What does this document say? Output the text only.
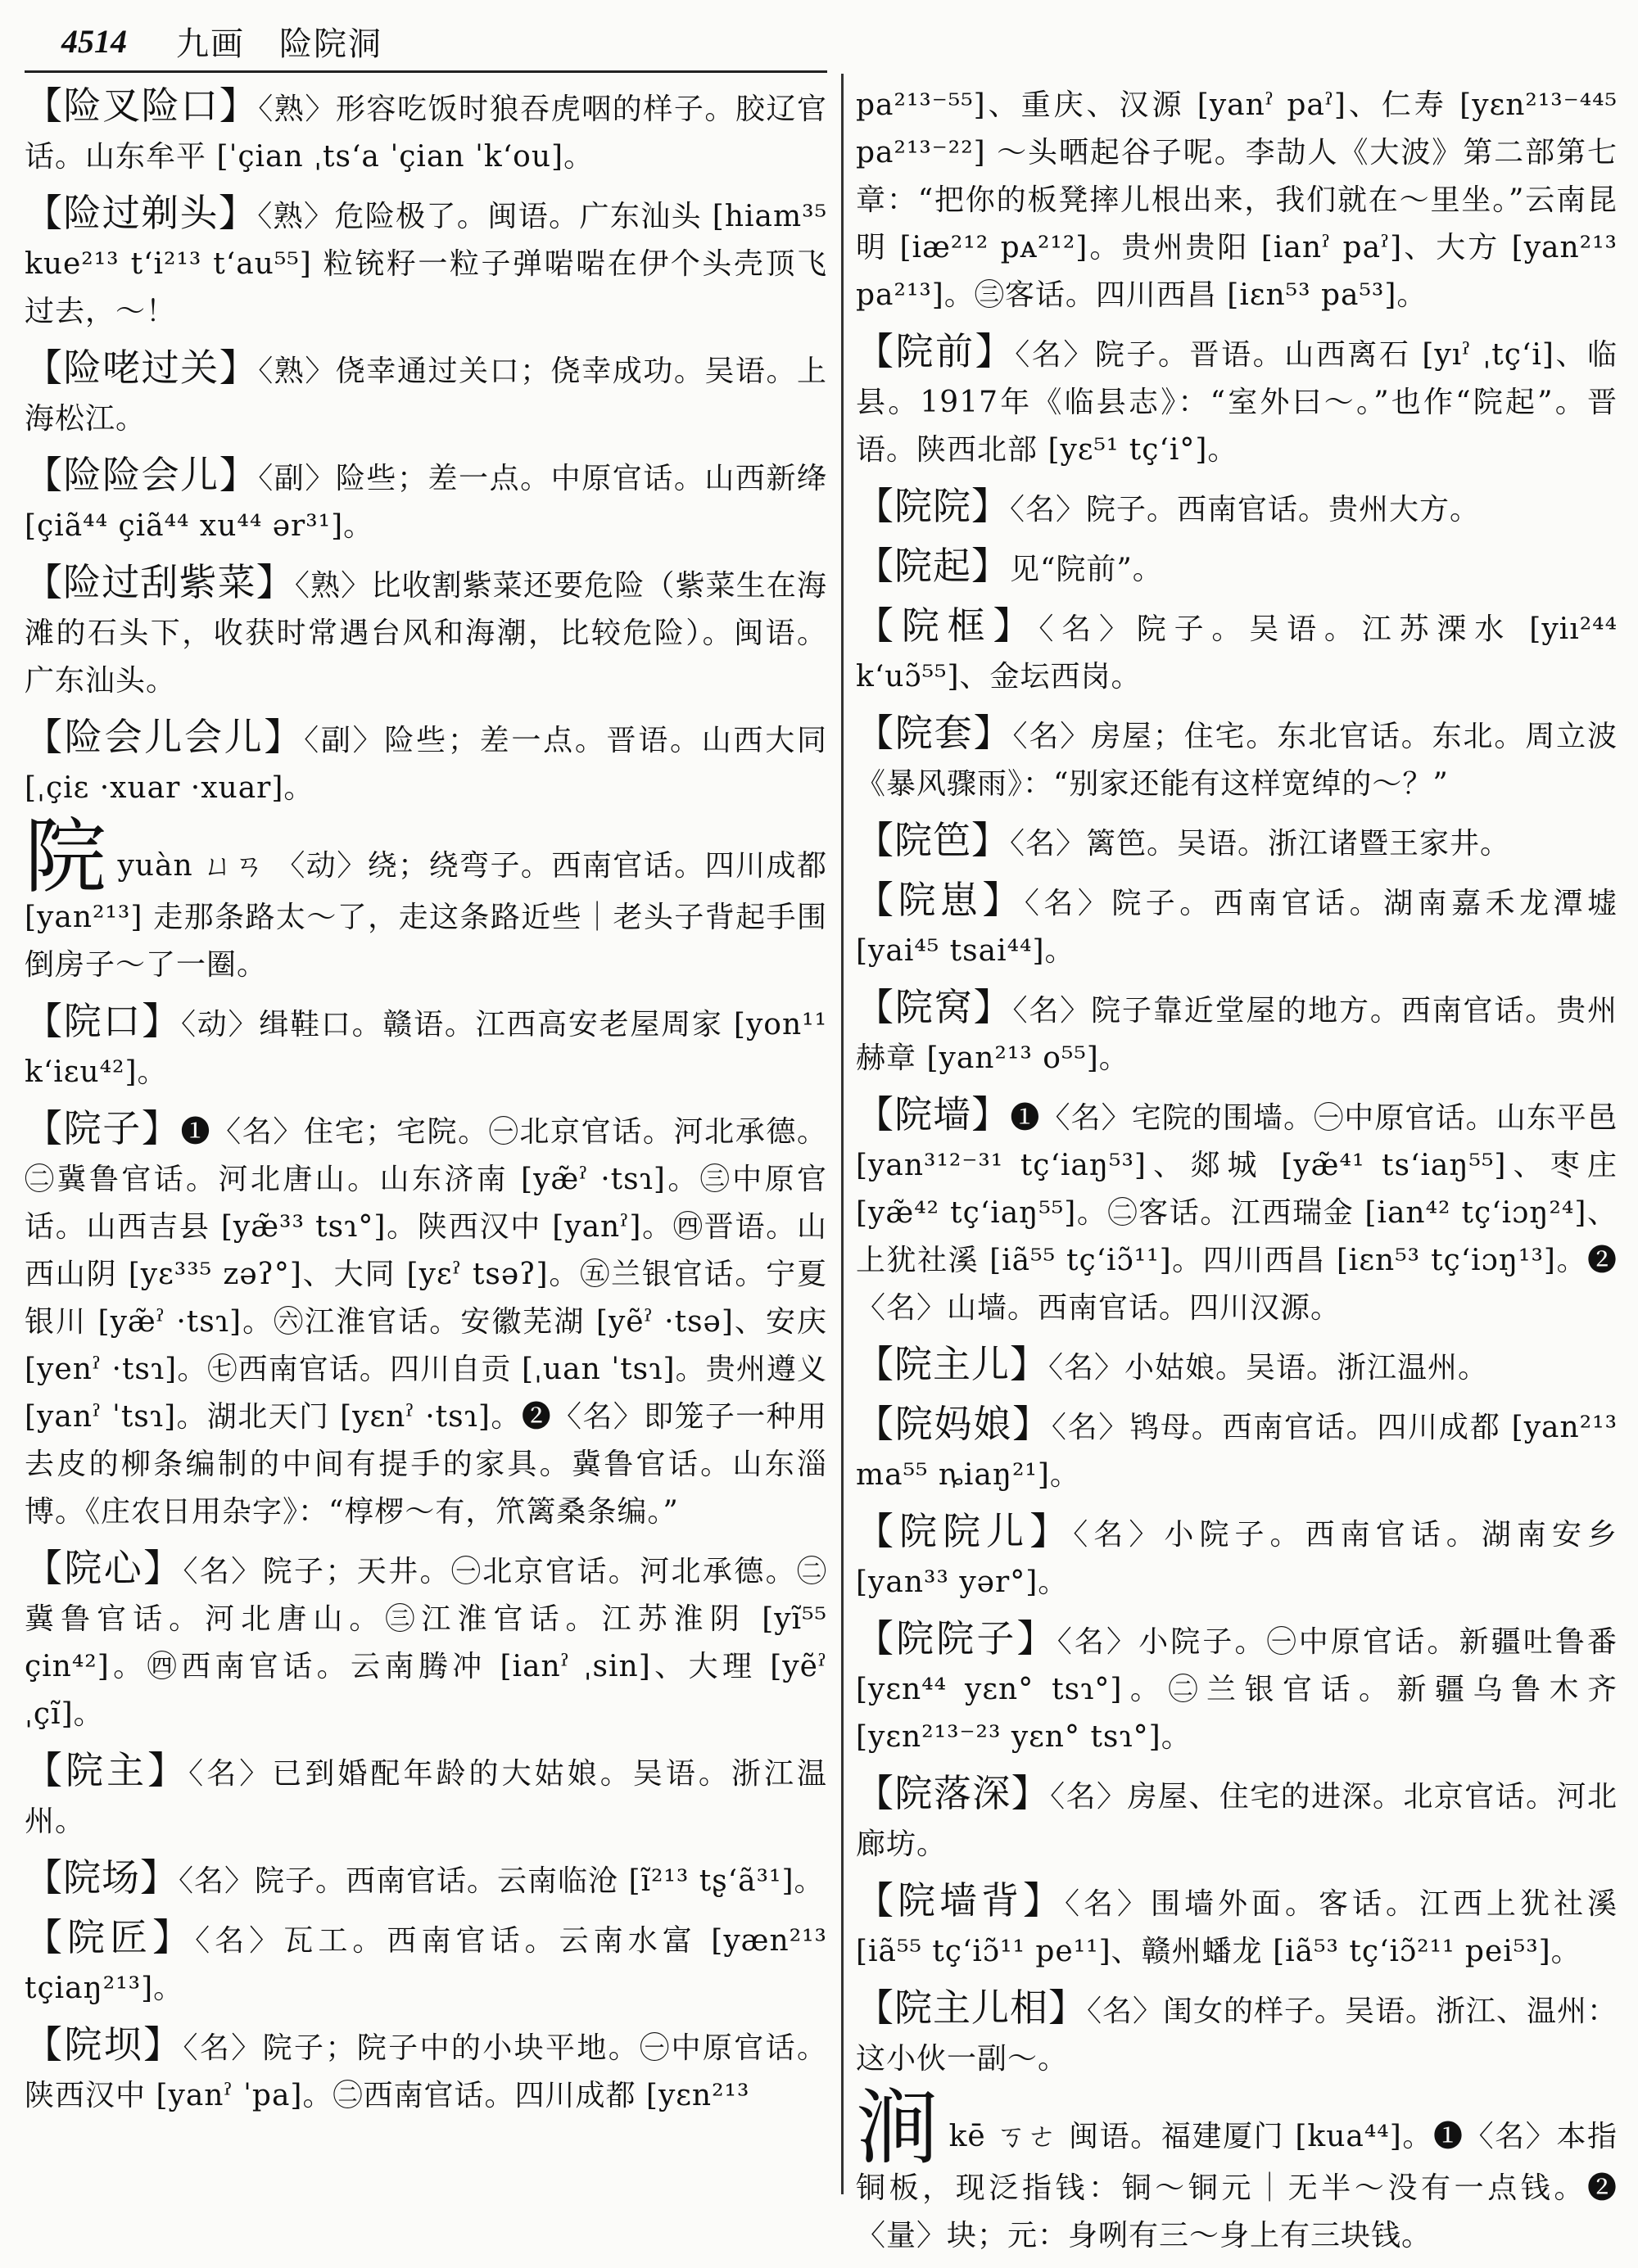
4514 九画　险院洞

【险叉险口】〈熟〉形容吃饭时狼吞虎咽的样子。胶辽官话。山东牟平 [ˈçian ˌtsʻa ˈçian ˈkʻou]。

【险过剃头】〈熟〉危险极了。闽语。广东汕头 [hiam³⁵ kue²¹³ tʻi²¹³ tʻau⁵⁵] 粒铳籽一粒子弹啱啱在伊个头壳顶飞过去，～！

【险咾过关】〈熟〉侥幸通过关口；侥幸成功。吴语。上海松江。

【险险会儿】〈副〉险些；差一点。中原官话。山西新绛 [çiã⁴⁴ çiã⁴⁴ xu⁴⁴ ər³¹]。

【险过刮紫菜】〈熟〉比收割紫菜还要危险（紫菜生在海滩的石头下，收获时常遇台风和海潮，比较危险）。闽语。广东汕头。

【险会儿会儿】〈副〉险些；差一点。晋语。山西大同 [ˌçiɛ ·xuar ·xuar]。

院yuàn ㄩㄢ 〈动〉绕；绕弯子。西南官话。四川成都 [yan²¹³] 走那条路太～了，走这条路近些｜老头子背起手围倒房子～了一圈。

【院口】〈动〉缉鞋口。赣语。江西高安老屋周家 [yon¹¹ kʻiɛu⁴²]。

【院子】❶〈名〉住宅；宅院。㊀北京官话。河北承德。㊁冀鲁官话。河北唐山。山东济南 [yæ̃ˀ ·tsɿ]。㊂中原官话。山西吉县 [yæ̃³³ tsɿ°]。陕西汉中 [yanˀ]。㊃晋语。山西山阴 [yɛ³³⁵ zəʔ°]、大同 [yɛˀ tsəʔ]。㊄兰银官话。宁夏银川 [yæ̃ˀ ·tsɿ]。㊅江淮官话。安徽芜湖 [yẽˀ ·tsə]、安庆 [yenˀ ·tsɿ]。㊆西南官话。四川自贡 [ˌuan ˈtsɿ]。贵州遵义 [yanˀ ˈtsɿ]。湖北天门 [yɛnˀ ·tsɿ]。❷〈名〉即笼子一种用去皮的柳条编制的中间有提手的家具。冀鲁官话。山东淄博。《庄农日用杂字》：“椁椤～有，笊篱桑条编。”

【院心】〈名〉院子；天井。㊀北京官话。河北承德。㊁冀鲁官话。河北唐山。㊂江淮官话。江苏淮阴 [yĩ⁵⁵ çin⁴²]。㊃西南官话。云南腾冲 [ianˀ ˌsin]、大理 [yẽˀ ˌçĩ]。

【院主】〈名〉已到婚配年龄的大姑娘。吴语。浙江温州。

【院场】〈名〉院子。西南官话。云南临沧 [ĩ²¹³ tʂʻã³¹]。

【院匠】〈名〉瓦工。西南官话。云南水富 [yæn²¹³ tçiaŋ²¹³]。

【院坝】〈名〉院子；院子中的小块平地。㊀中原官话。陕西汉中 [yanˀ ˈpa]。㊁西南官话。四川成都 [yɛn²¹³

pa²¹³⁻⁵⁵]、重庆、汉源 [yanˀ paˀ]、仁寿 [yɛn²¹³⁻⁴⁴⁵ pa²¹³⁻²²] ～头晒起谷子呢。李劼人《大波》第二部第七章：“把你的板凳摔儿根出来，我们就在～里坐。”云南昆明 [iæ²¹² pᴀ²¹²]。贵州贵阳 [ianˀ paˀ]、大方 [yan²¹³ pa²¹³]。㊂客话。四川西昌 [iɛn⁵³ pa⁵³]。

【院前】〈名〉院子。晋语。山西离石 [yıˀ ˌtçʻi]、临县。1917年《临县志》：“室外曰～。”也作“院起”。晋语。陕西北部 [yɛ⁵¹ tçʻi°]。

【院院】〈名〉院子。西南官话。贵州大方。

【院起】见“院前”。

【院框】〈名〉院子。吴语。江苏溧水 [yiı²⁴⁴ kʻuɔ̃⁵⁵]、金坛西岗。

【院套】〈名〉房屋；住宅。东北官话。东北。周立波《暴风骤雨》：“别家还能有这样宽绰的～？”

【院笆】〈名〉篱笆。吴语。浙江诸暨王家井。

【院崽】〈名〉院子。西南官话。湖南嘉禾龙潭墟 [yai⁴⁵ tsai⁴⁴]。

【院窝】〈名〉院子靠近堂屋的地方。西南官话。贵州赫章 [yan²¹³ o⁵⁵]。

【院墙】❶〈名〉宅院的围墙。㊀中原官话。山东平邑 [yan³¹²⁻³¹ tçʻiaŋ⁵³]、郯城 [yæ̃⁴¹ tsʻiaŋ⁵⁵]、枣庄 [yæ̃⁴² tçʻiaŋ⁵⁵]。㊁客话。江西瑞金 [ian⁴² tçʻiɔŋ²⁴]、上犹社溪 [iã⁵⁵ tçʻiɔ̃¹¹]。四川西昌 [iɛn⁵³ tçʻiɔŋ¹³]。❷〈名〉山墙。西南官话。四川汉源。

【院主儿】〈名〉小姑娘。吴语。浙江温州。

【院妈娘】〈名〉鸨母。西南官话。四川成都 [yan²¹³ ma⁵⁵ ȵiaŋ²¹]。

【院院儿】〈名〉小院子。西南官话。湖南安乡 [yan³³ yər°]。

【院院子】〈名〉小院子。㊀中原官话。新疆吐鲁番 [yɛn⁴⁴ yɛn° tsɿ°]。㊁兰银官话。新疆乌鲁木齐 [yɛn²¹³⁻²³ yɛn° tsɿ°]。

【院落深】〈名〉房屋、住宅的进深。北京官话。河北廊坊。

【院墙背】〈名〉围墙外面。客话。江西上犹社溪 [iã⁵⁵ tçʻiɔ̃¹¹ pe¹¹]、赣州蟠龙 [iã⁵³ tçʻiɔ̃²¹¹ pei⁵³]。

【院主儿相】〈名〉闺女的样子。吴语。浙江、温州：这小伙一副～。

涧kē ㄎㄜ 闽语。福建厦门 [kua⁴⁴]。❶〈名〉本指铜板，现泛指钱：铜～铜元｜无半～没有一点钱。❷〈量〉块；元：身咧有三～身上有三块钱。
